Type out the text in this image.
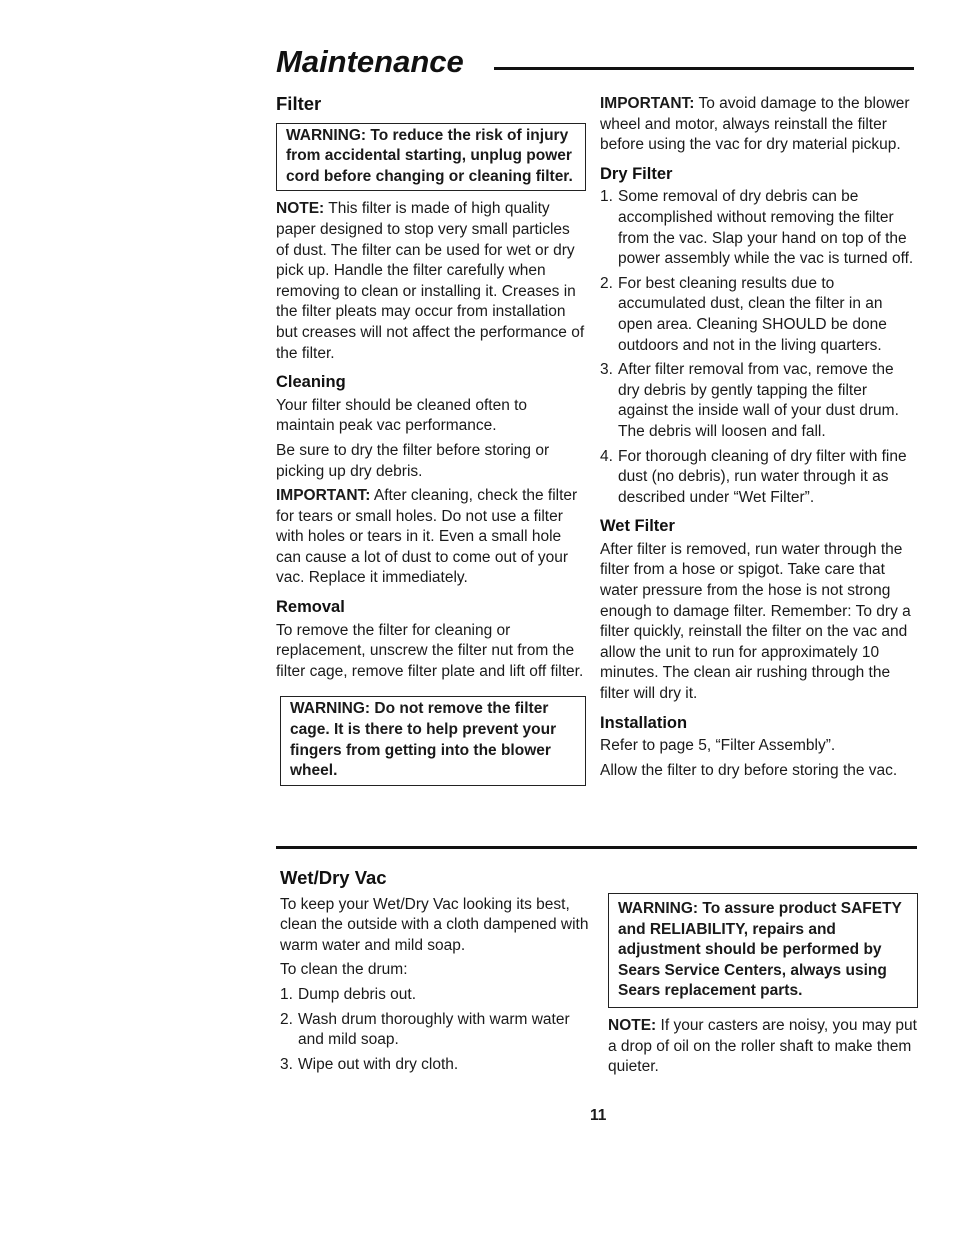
Maintenance
Filter
WARNING: To reduce the risk of injury from accidental starting, unplug power cord before changing or cleaning filter.

NOTE: This filter is made of high quality paper designed to stop very small particles of dust. The filter can be used for wet or dry pick up. Handle the filter carefully when removing to clean or installing it. Creases in the filter pleats may occur from installation but creases will not affect the performance of the filter.

Cleaning

Your filter should be cleaned often to maintain peak vac performance.

Be sure to dry the filter before storing or picking up dry debris.

IMPORTANT: After cleaning, check the filter for tears or small holes. Do not use a filter with holes or tears in it. Even a small hole can cause a lot of dust to come out of your vac. Replace it immediately.

Removal

To remove the filter for cleaning or replacement, unscrew the filter nut from the filter cage, remove filter plate and lift off filter.

WARNING: Do not remove the filter cage. It is there to help prevent your fingers from getting into the blower wheel.

IMPORTANT: To avoid damage to the blower wheel and motor, always reinstall the filter before using the vac for dry material pickup.

Dry Filter
1. Some removal of dry debris can be accomplished without removing the filter from the vac. Slap your hand on top of the power assembly while the vac is turned off.
2. For best cleaning results due to accumulated dust, clean the filter in an open area. Cleaning SHOULD be done outdoors and not in the living quarters.
3. After filter removal from vac, remove the dry debris by gently tapping the filter against the inside wall of your dust drum. The debris will loosen and fall.
4. For thorough cleaning of dry filter with fine dust (no debris), run water through it as described under “Wet Filter”.
Wet Filter

After filter is removed, run water through the filter from a hose or spigot. Take care that water pressure from the hose is not strong enough to damage filter. Remember: To dry a filter quickly, reinstall the filter on the vac and allow the unit to run for approximately 10 minutes. The clean air rushing through the filter will dry it.

Installation

Refer to page 5, “Filter Assembly”.

Allow the filter to dry before storing the vac.

Wet/Dry Vac

To keep your Wet/Dry Vac looking its best, clean the outside with a cloth dampened with warm water and mild soap.

To clean the drum:

1. Dump debris out.
2. Wash drum thoroughly with warm water and mild soap.
3. Wipe out with dry cloth.
WARNING: To assure product SAFETY and RELIABILITY, repairs and adjustment should be performed by Sears Service Centers, always using Sears replacement parts.

NOTE: If your casters are noisy, you may put a drop of oil on the roller shaft to make them quieter.

11
